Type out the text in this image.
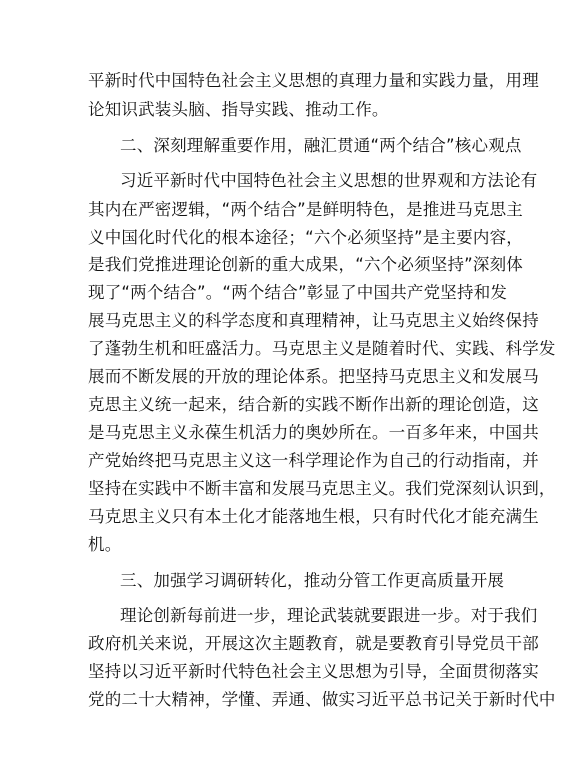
平新时代中国特色社会主义思想的真理力量和实践力量，用理
论知识武装头脑、指导实践、推动工作。
二、深刻理解重要作用，融汇贯通“两个结合”核心观点
习近平新时代中国特色社会主义思想的世界观和方法论有
其内在严密逻辑，“两个结合”是鲜明特色，是推进马克思主
义中国化时代化的根本途径；“六个必须坚持”是主要内容，
是我们党推进理论创新的重大成果，“六个必须坚持”深刻体
现了“两个结合”。“两个结合”彰显了中国共产党坚持和发
展马克思主义的科学态度和真理精神，让马克思主义始终保持
了蓬勃生机和旺盛活力。马克思主义是随着时代、实践、科学发
展而不断发展的开放的理论体系。把坚持马克思主义和发展马
克思主义统一起来，结合新的实践不断作出新的理论创造，这
是马克思主义永葆生机活力的奥妙所在。一百多年来，中国共
产党始终把马克思主义这一科学理论作为自己的行动指南，并
坚持在实践中不断丰富和发展马克思主义。我们党深刻认识到，
马克思主义只有本土化才能落地生根，只有时代化才能充满生
机。
三、加强学习调研转化，推动分管工作更高质量开展
理论创新每前进一步，理论武装就要跟进一步。对于我们
政府机关来说，开展这次主题教育，就是要教育引导党员干部
坚持以习近平新时代特色社会主义思想为引导，全面贯彻落实
党的二十大精神，学懂、弄通、做实习近平总书记关于新时代中
